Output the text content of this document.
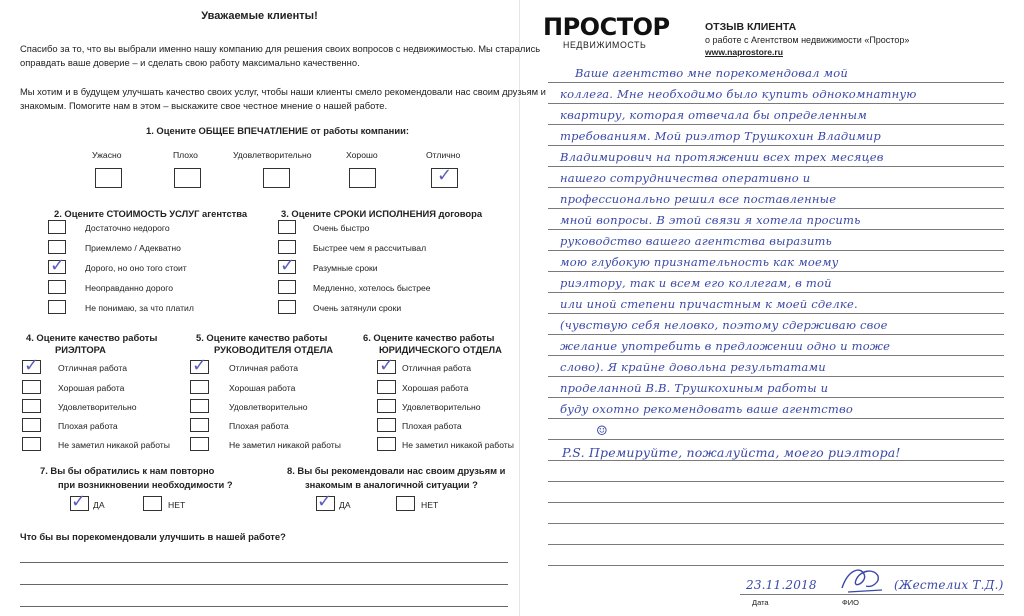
Уважаемые клиенты!
Спасибо за то, что вы выбрали именно нашу компанию для решения своих вопросов с недвижимостью. Мы старались
оправдать ваше доверие – и сделать свою работу максимально качественно.
Мы хотим и в будущем улучшать качество своих услуг, чтобы наши клиенты смело рекомендовали нас своим друзьям и
знакомым. Помогите нам в этом – выскажите свое честное мнение о нашей работе.
1. Оцените ОБЩЕЕ ВПЕЧАТЛЕНИЕ от работы компании:
Ужасно	Плохо	Удовлетворительно	Хорошо	Отлично
✓
2. Оцените СТОИМОСТЬ УСЛУГ агентства
✓
Достаточно недорого
Приемлемо / Адекватно
Дорого, но оно того стоит
Неоправданно дорого
Не понимаю, за что платил
3. Оцените СРОКИ ИСПОЛНЕНИЯ договора
✓
Очень быстро
Быстрее чем я рассчитывал
Разумные сроки
Медленно, хотелось быстрее
Очень затянули сроки
4. Оцените качество работы
РИЭЛТОРА
✓ Отличная работа
Хорошая работа
Удовлетворительно
Плохая работа
Не заметил никакой работы
5. Оцените качество работы
РУКОВОДИТЕЛЯ ОТДЕЛА
✓	Отличная работа
Хорошая работа
Удовлетворительно
Плохая работа
Не заметил никакой работы
6. Оцените качество работы
ЮРИДИЧЕСКОГО ОТДЕЛА
✓ Отличная работа
Хорошая работа
Удовлетворительно
Плохая работа
Не заметил никакой работы
7. Вы бы обратились к нам повторно
при возникновении необходимости ?
✓ ДА	НЕТ
8. Вы бы рекомендовали нас своим друзьям и
знакомым в аналогичной ситуации ?
✓ ДА	НЕТ
Что бы вы порекомендовали улучшить в нашей работе?
ПРОСТОР
НЕДВИЖИМОСТЬ
ОТЗЫВ КЛИЕНТА
о работе с Агентством недвижимости «Простор»
www.naprostore.ru
Ваше агентство мне порекомендовал мой
коллега. Мне необходимо было купить однокомнатную
квартиру, которая отвечала бы определенным
требованиям. Мой риэлтор Трушкохин Владимир
Владимирович на протяжении всех трех месяцев
нашего сотрудничества оперативно и
профессионально решил все поставленные
мной вопросы. В этой связи я хотела просить
руководство вашего агентства выразить
мою глубокую признательность как моему
риэлтору, так и всем его коллегам, в той
или иной степени причастным к моей сделке.
(чувствую себя неловко, поэтому сдерживаю свое
желание употребить в предложении одно и тоже
слово). Я крайне довольна результатами
проделанной В.В. Трушкохиным работы и
буду охотно рекомендовать ваше агентство
☺
P.S. Премируйте, пожалуйста, моего риэлтора!
23.11.2018	(Жестелих Т.Д.)
Дата	ФИО
